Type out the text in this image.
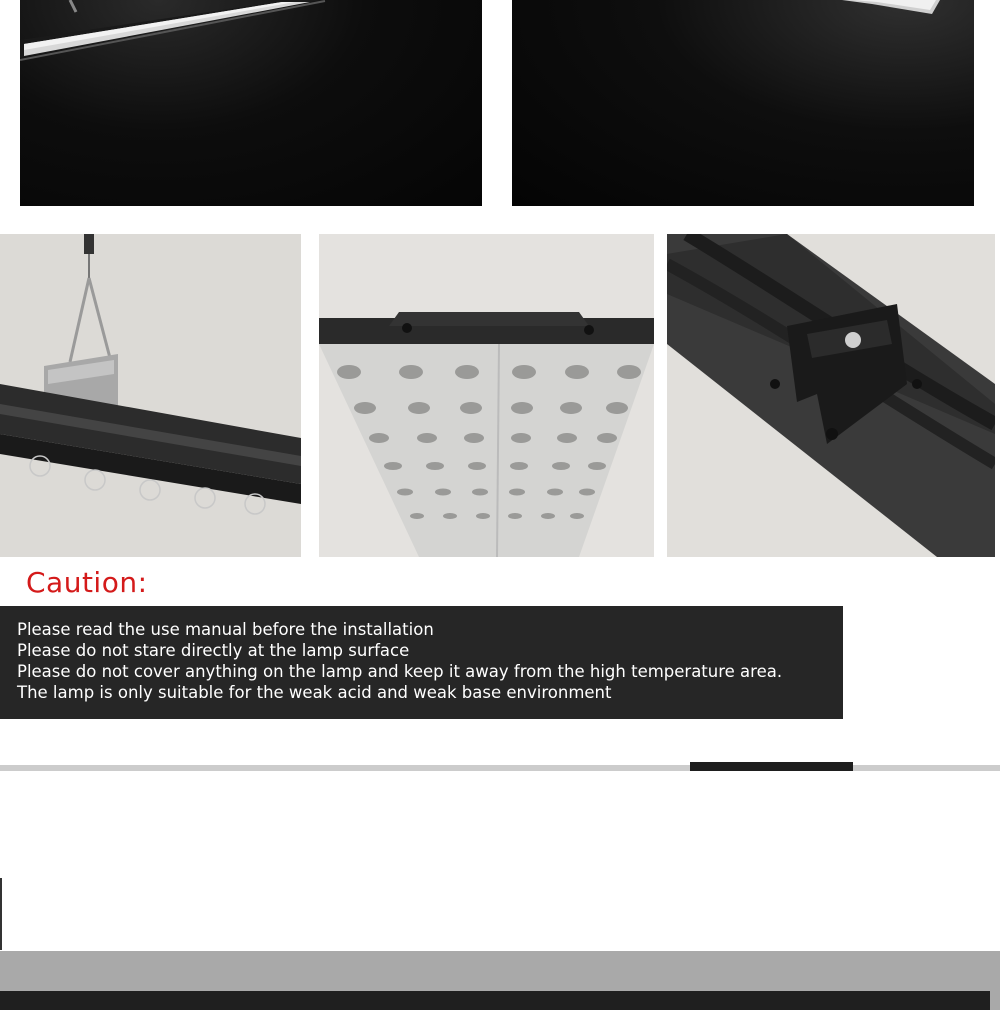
Caution:

Please read the use manual before the installation

Please do not stare directly at the lamp surface

Please do not cover anything on the lamp and keep it away from the high temperature area.

The lamp is only suitable for the weak acid and weak base environment
